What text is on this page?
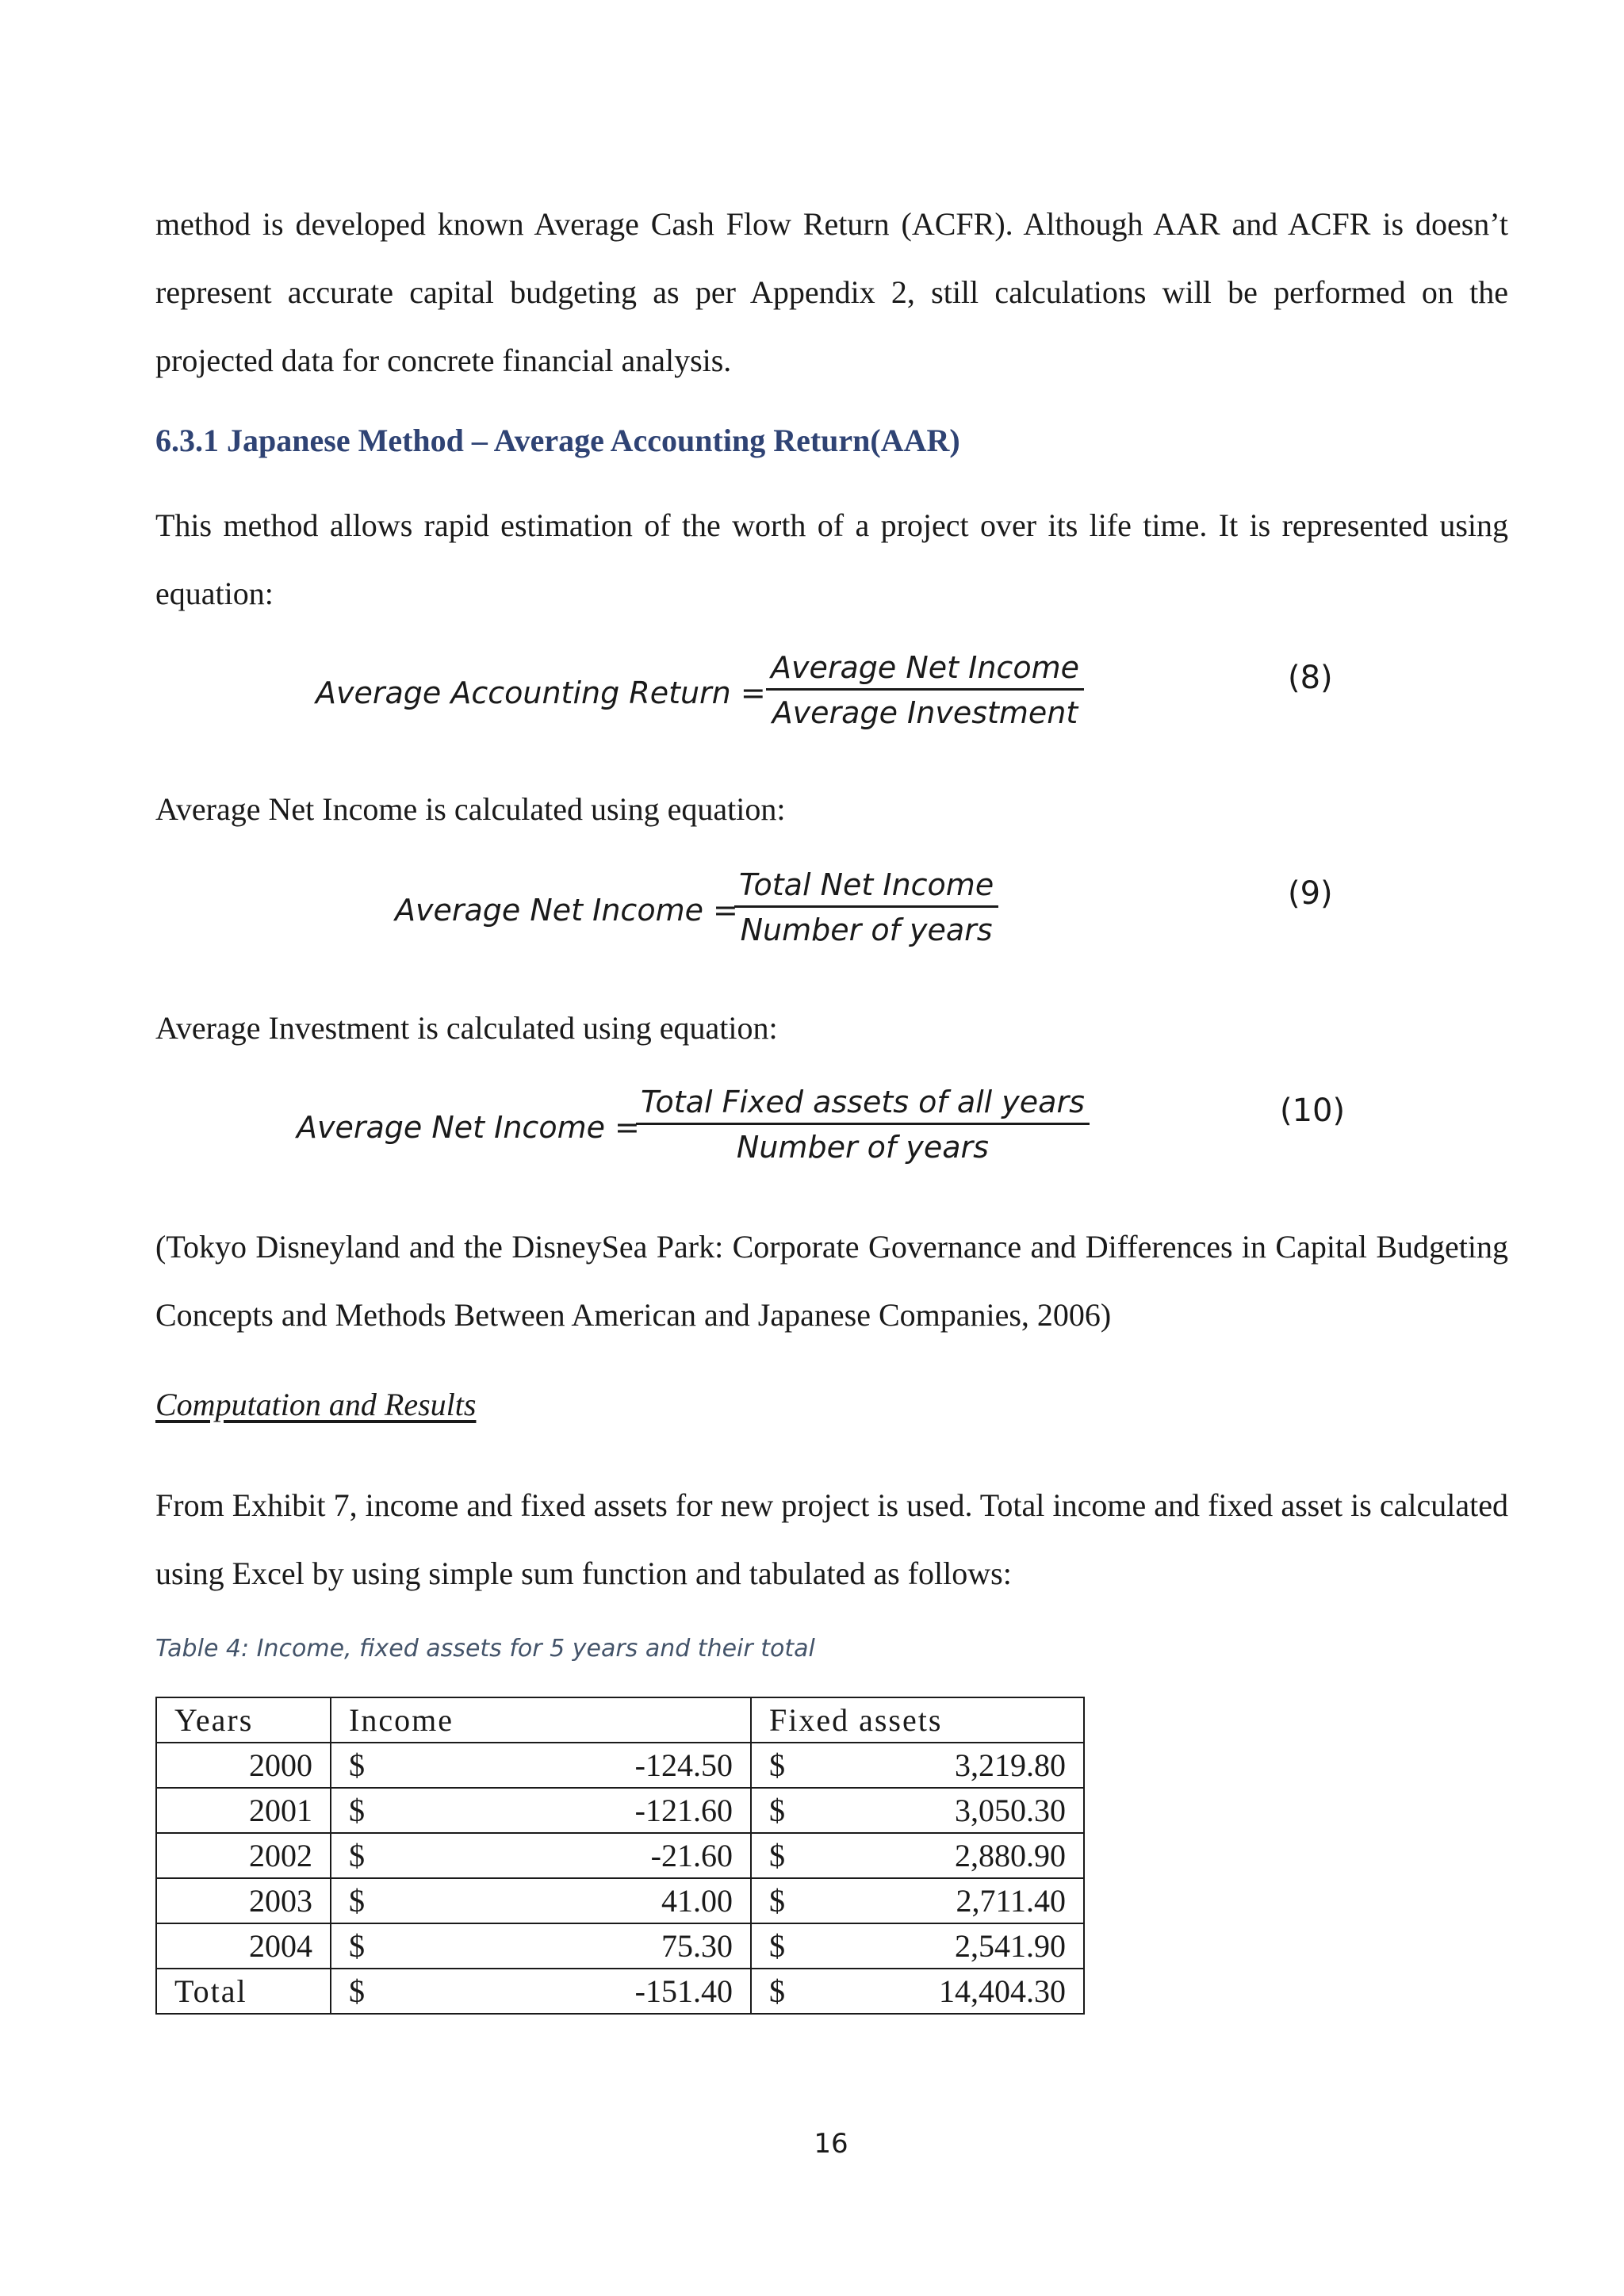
method is developed known Average Cash Flow Return (ACFR). Although AAR and ACFR is doesn’t represent accurate capital budgeting as per Appendix 2, still calculations will be performed on the projected data for concrete financial analysis.

6.3.1 Japanese Method – Average Accounting Return(AAR)

This method allows rapid estimation of the worth of a project over its life time. It is represented using equation:

Average Accounting Return =
Average Net Income
Average Investment
(8)

Average Net Income is calculated using equation:

Average Net Income =
Total Net Income
Number of years
(9)

Average Investment is calculated using equation:

Average Net Income =
Total Fixed assets of all years
Number of years
(10)

(Tokyo Disneyland and the DisneySea Park: Corporate Governance and Differences in Capital Budgeting Concepts and Methods Between American and Japanese Companies, 2006)

Computation and Results

From Exhibit 7, income and fixed assets for new project is used. Total income and fixed asset is calculated using Excel by using simple sum function and tabulated as follows:

Table 4: Income, fixed assets for 5 years and their total
Years	Income		Fixed assets	
2000	$	-124.50	$	3,219.80
2001	$	-121.60	$	3,050.30
2002	$	-21.60	$	2,880.90
2003	$	41.00	$	2,711.40
2004	$	75.30	$	2,541.90
Total	$	-151.40	$	14,404.30
16
